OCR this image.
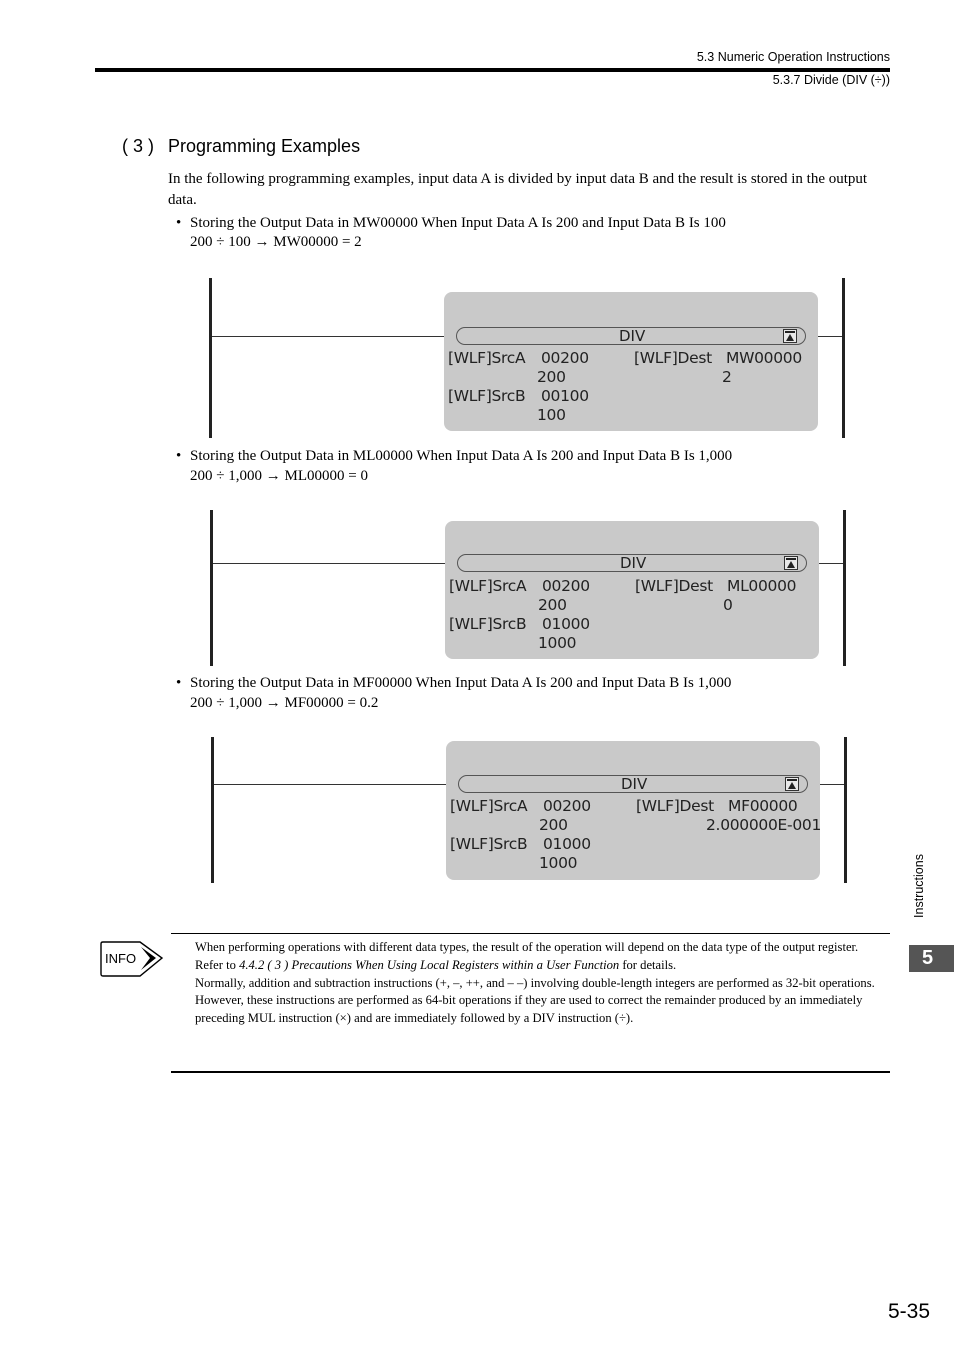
5.3 Numeric Operation Instructions
5.3.7 Divide (DIV (÷))
( 3 ) Programming Examples
In the following programming examples, input data A is divided by input data B and the result is stored in the output data.
• Storing the Output Data in MW00000 When Input Data A Is 200 and Input Data B Is 100
200 ÷ 100 → MW00000 = 2
DIV
[WLF]SrcA 00200
200
[WLF]SrcB 00100
100
[WLF]Dest MW00000
2
• Storing the Output Data in ML00000 When Input Data A Is 200 and Input Data B Is 1,000
200 ÷ 1,000 → ML00000 = 0
DIV
[WLF]SrcA 00200
200
[WLF]SrcB 01000
1000
[WLF]Dest ML00000
0
• Storing the Output Data in MF00000 When Input Data A Is 200 and Input Data B Is 1,000
200 ÷ 1,000 → MF00000 = 0.2
DIV
[WLF]SrcA 00200
200
[WLF]SrcB 01000
1000
[WLF]Dest MF00000
2.000000E-001
INFO

When performing operations with different data types, the result of the operation will depend on the data type of the output register.

Refer to 4.4.2 ( 3 ) Precautions When Using Local Registers within a User Function for details.

Normally, addition and subtraction instructions (+, –, ++, and – –) involving double-length integers are performed as 32-bit operations.

However, these instructions are performed as 64-bit operations if they are used to correct the remainder produced by an immediately preceding MUL instruction (×) and are immediately followed by a DIV instruction (÷).

Instructions
5
5-35
